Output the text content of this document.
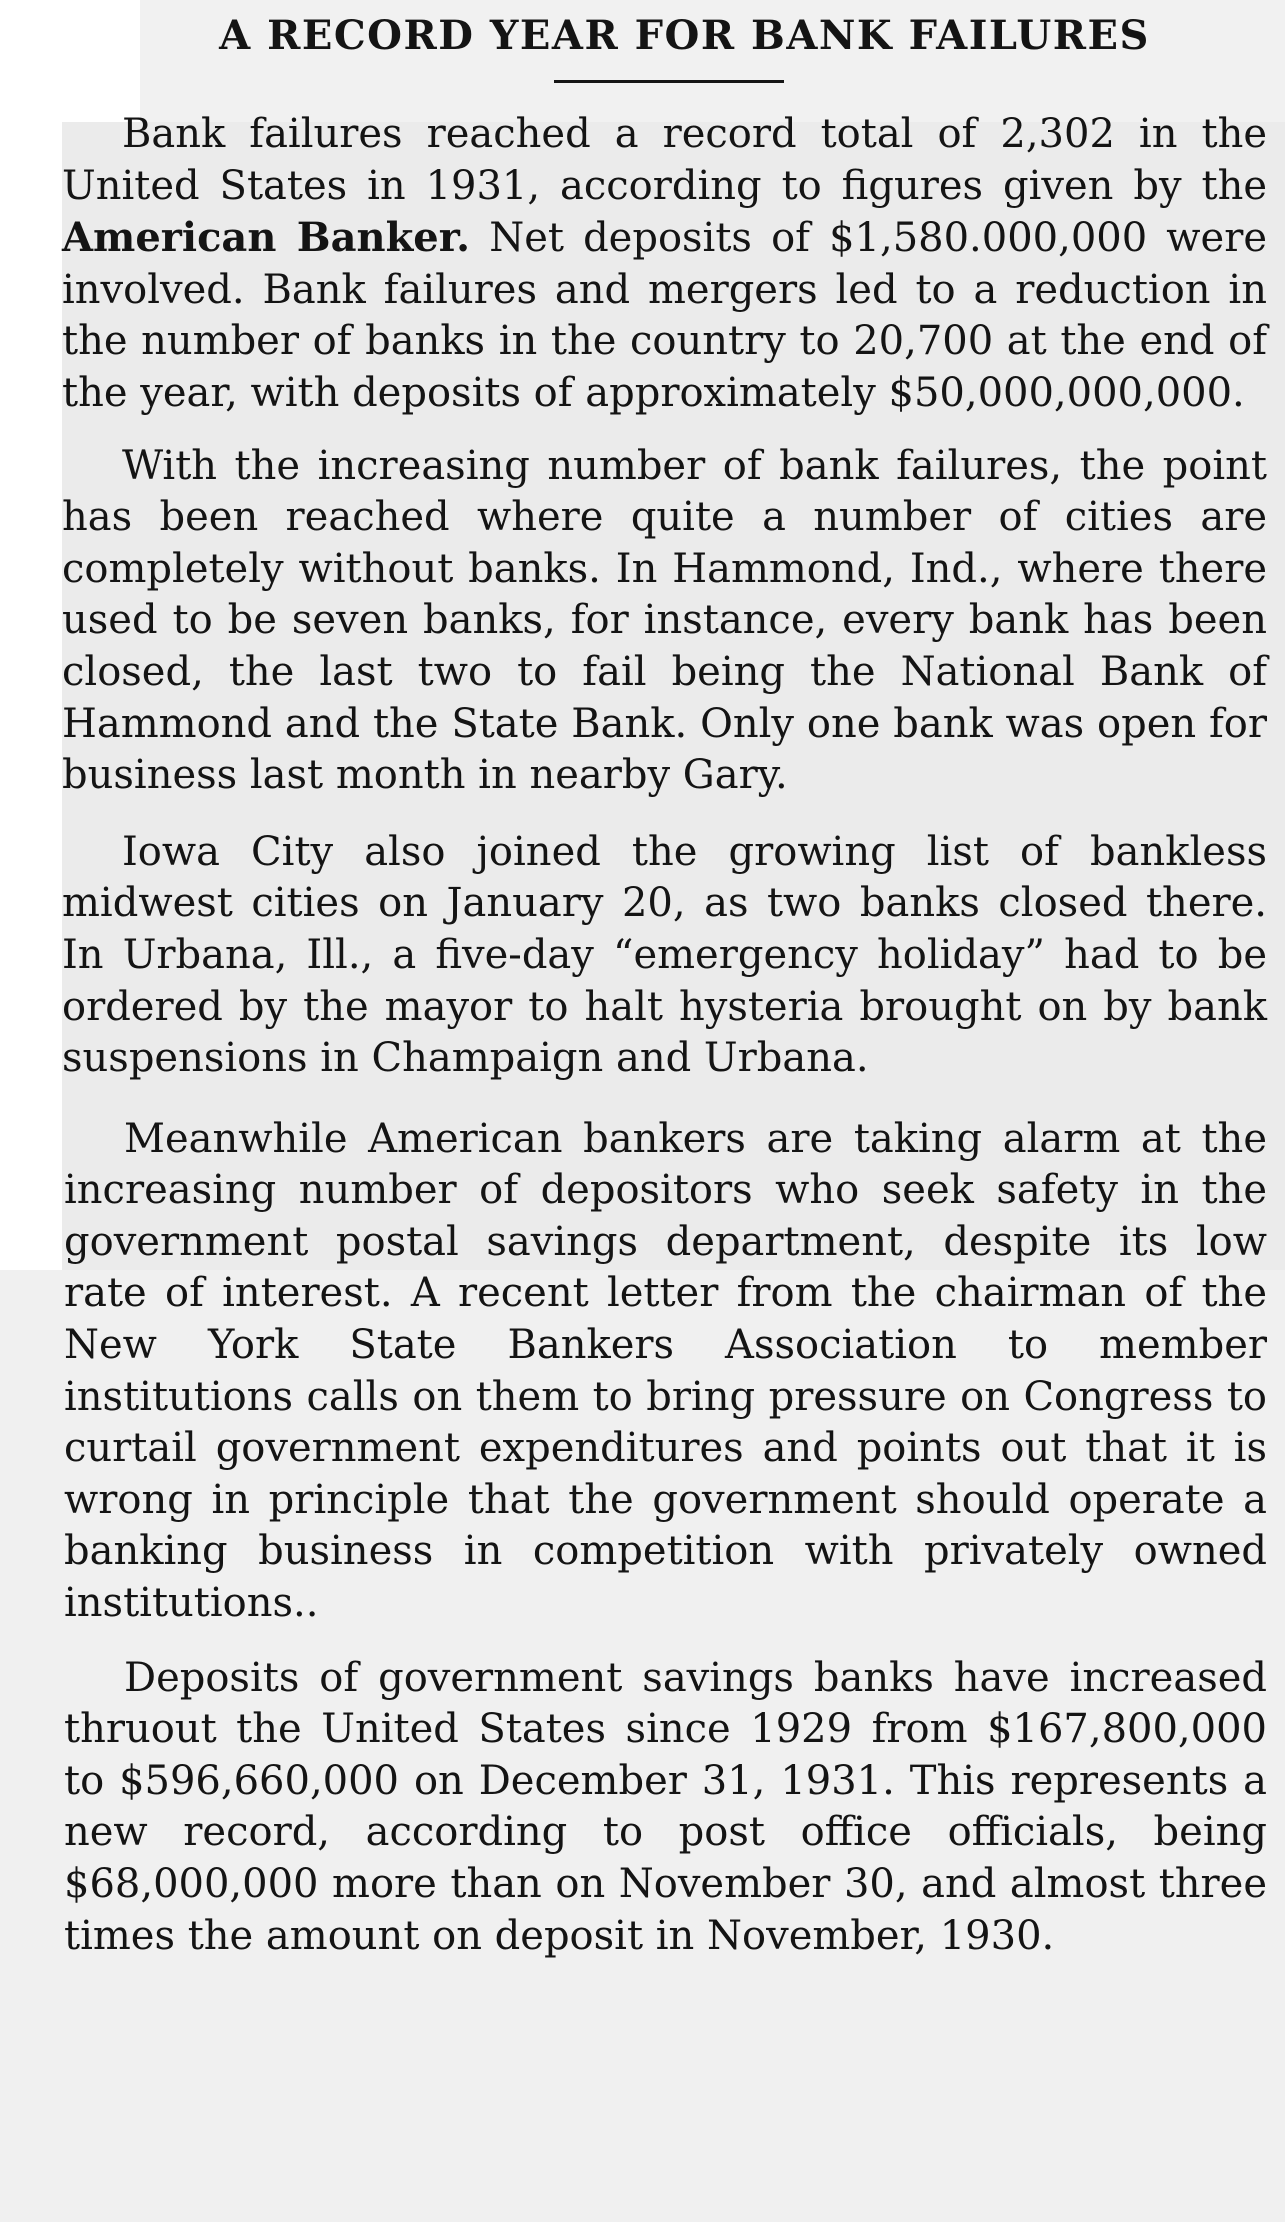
A RECORD YEAR FOR BANK FAILURES

Bank failures reached a record total of 2,302 in the United States in 1931, according to figures given by the American Banker. Net deposits of $1,580.000,000 were involved. Bank failures and mergers led to a reduction in the number of banks in the country to 20,700 at the end of the year, with deposits of approximately $50,000,000,000.

With the increasing number of bank failures, the point has been reached where quite a number of cities are completely without banks. In Hammond, Ind., where there used to be seven banks, for instance, every bank has been closed, the last two to fail being the National Bank of Hammond and the State Bank. Only one bank was open for business last month in nearby Gary.

Iowa City also joined the growing list of bankless midwest cities on January 20, as two banks closed there. In Urbana, Ill., a five-day “emergency holiday” had to be ordered by the mayor to halt hysteria brought on by bank suspensions in Champaign and Urbana.

Meanwhile American bankers are taking alarm at the increasing number of depositors who seek safety in the government postal savings department, despite its low rate of interest. A recent letter from the chairman of the New York State Bankers Association to member institutions calls on them to bring pressure on Congress to curtail government expenditures and points out that it is wrong in principle that the government should operate a banking business in competition with privately owned institutions..

Deposits of government savings banks have increased thruout the United States since 1929 from $167,800,000 to $596,660,000 on December 31, 1931. This represents a new record, according to post office officials, being $68,000,000 more than on November 30, and almost three times the amount on deposit in November, 1930.
